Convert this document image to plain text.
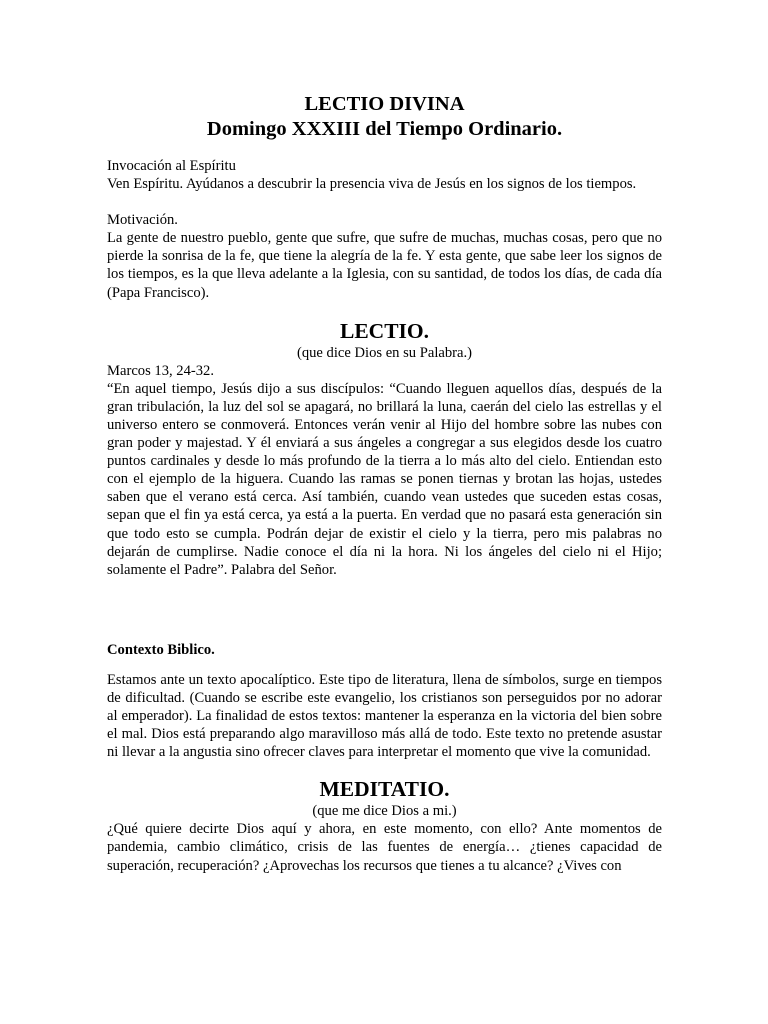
LECTIO DIVINA
Domingo XXXIII del Tiempo Ordinario.

Invocación al Espíritu

Ven Espíritu. Ayúdanos a descubrir la presencia viva de Jesús en los signos de los tiempos.

Motivación.

La gente de nuestro pueblo, gente que sufre, que sufre de muchas, muchas cosas, pero que no pierde la sonrisa de la fe, que tiene la alegría de la fe. Y esta gente, que sabe leer los signos de los tiempos, es la que lleva adelante a la Iglesia, con su santidad, de todos los días, de cada día (Papa Francisco).

LECTIO.

(que dice Dios en su Palabra.)

Marcos 13, 24-32.

“En aquel tiempo, Jesús dijo a sus discípulos: “Cuando lleguen aquellos días, después de la gran tribulación, la luz del sol se apagará, no brillará la luna, caerán del cielo las estrellas y el universo entero se conmoverá. Entonces verán venir al Hijo del hombre sobre las nubes con gran poder y majestad. Y él enviará a sus ángeles a congregar a sus elegidos desde los cuatro puntos cardinales y desde lo más profundo de la tierra a lo más alto del cielo. Entiendan esto con el ejemplo de la higuera. Cuando las ramas se ponen tiernas y brotan las hojas, ustedes saben que el verano está cerca. Así también, cuando vean ustedes que suceden estas cosas, sepan que el fin ya está cerca, ya está a la puerta. En verdad que no pasará esta generación sin que todo esto se cumpla. Podrán dejar de existir el cielo y la tierra, pero mis palabras no dejarán de cumplirse. Nadie conoce el día ni la hora. Ni los ángeles del cielo ni el Hijo; solamente el Padre”. Palabra del Señor.

Contexto Biblico.

Estamos ante un texto apocalíptico. Este tipo de literatura, llena de símbolos, surge en tiempos de dificultad. (Cuando se escribe este evangelio, los cristianos son perseguidos por no adorar al emperador). La finalidad de estos textos: mantener la esperanza en la victoria del bien sobre el mal. Dios está preparando algo maravilloso más allá de todo. Este texto no pretende asustar ni llevar a la angustia sino ofrecer claves para interpretar el momento que vive la comunidad.

MEDITATIO.

(que me dice Dios a mi.)

¿Qué quiere decirte Dios aquí y ahora, en este momento, con ello? Ante momentos de pandemia, cambio climático, crisis de las fuentes de energía… ¿tienes capacidad de superación, recuperación? ¿Aprovechas los recursos que tienes a tu alcance? ¿Vives con
